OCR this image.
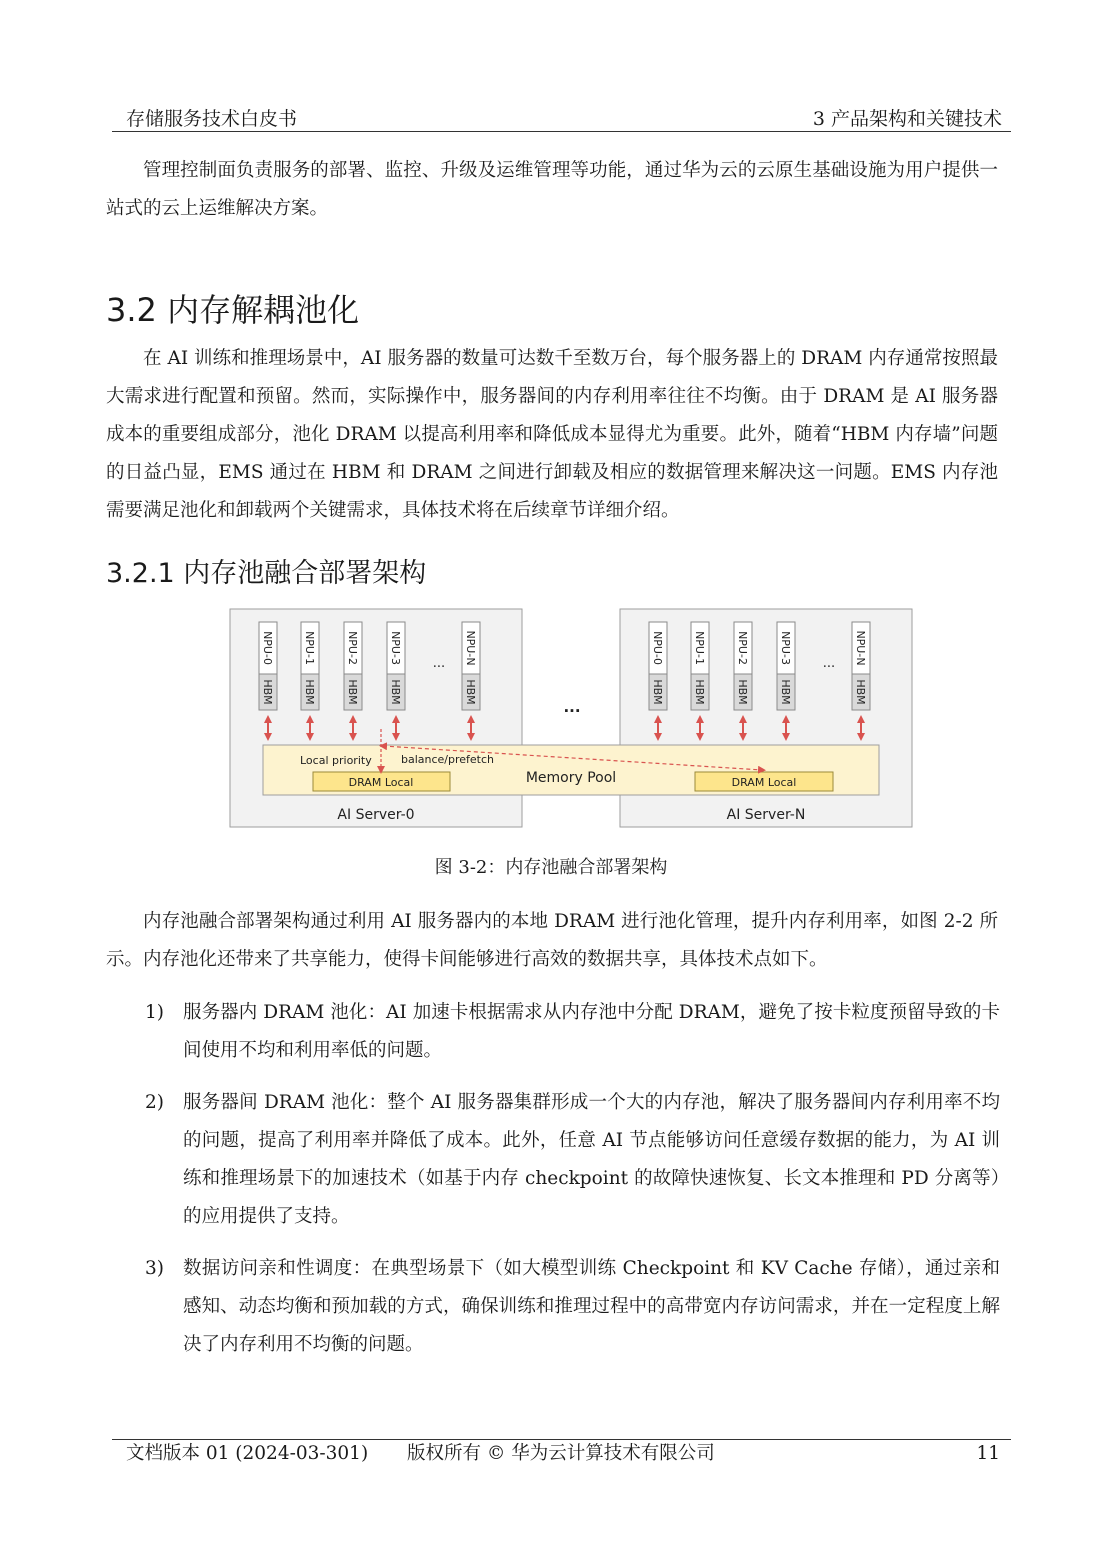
存储服务技术白皮书	3 产品架构和关键技术

管理控制面负责服务的部署、监控、升级及运维管理等功能，通过华为云的云原生基础设施为用户提供一站式的云上运维解决方案。

3.2 内存解耦池化

在 AI 训练和推理场景中，AI 服务器的数量可达数千至数万台，每个服务器上的 DRAM 内存通常按照最大需求进行配置和预留。然而，实际操作中，服务器间的内存利用率往往不均衡。由于 DRAM 是 AI 服务器成本的重要组成部分，池化 DRAM 以提高利用率和降低成本显得尤为重要。此外，随着“HBM 内存墙”问题的日益凸显，EMS 通过在 HBM 和 DRAM 之间进行卸载及相应的数据管理来解决这一问题。EMS 内存池需要满足池化和卸载两个关键需求，具体技术将在后续章节详细介绍。

3.2.1 内存池融合部署架构
AI Server-0
NPU-0
HBM
NPU-1
HBM
NPU-2
HBM
NPU-3
HBM
NPU-N
HBM
...
AI Server-N
NPU-0
HBM
NPU-1
HBM
NPU-2
HBM
NPU-3
HBM
NPU-N
HBM
...
...
Memory Pool
DRAM Local	DRAM Local
Local priority	balance/prefetch
图 3-2：内存池融合部署架构

内存池融合部署架构通过利用 AI 服务器内的本地 DRAM 进行池化管理，提升内存利用率，如图 2-2 所示。内存池化还带来了共享能力，使得卡间能够进行高效的数据共享，具体技术点如下。

1) 服务器内 DRAM 池化：AI 加速卡根据需求从内存池中分配 DRAM，避免了按卡粒度预留导致的卡间使用不均和利用率低的问题。

2) 服务器间 DRAM 池化：整个 AI 服务器集群形成一个大的内存池，解决了服务器间内存利用率不均的问题，提高了利用率并降低了成本。此外，任意 AI 节点能够访问任意缓存数据的能力，为 AI 训练和推理场景下的加速技术（如基于内存 checkpoint 的故障快速恢复、长文本推理和 PD 分离等）的应用提供了支持。

3) 数据访问亲和性调度：在典型场景下（如大模型训练 Checkpoint 和 KV Cache 存储），通过亲和感知、动态均衡和预加载的方式，确保训练和推理过程中的高带宽内存访问需求，并在一定程度上解决了内存利用不均衡的问题。

文档版本 01 (2024-03-301) 版权所有 © 华为云计算技术有限公司	11
